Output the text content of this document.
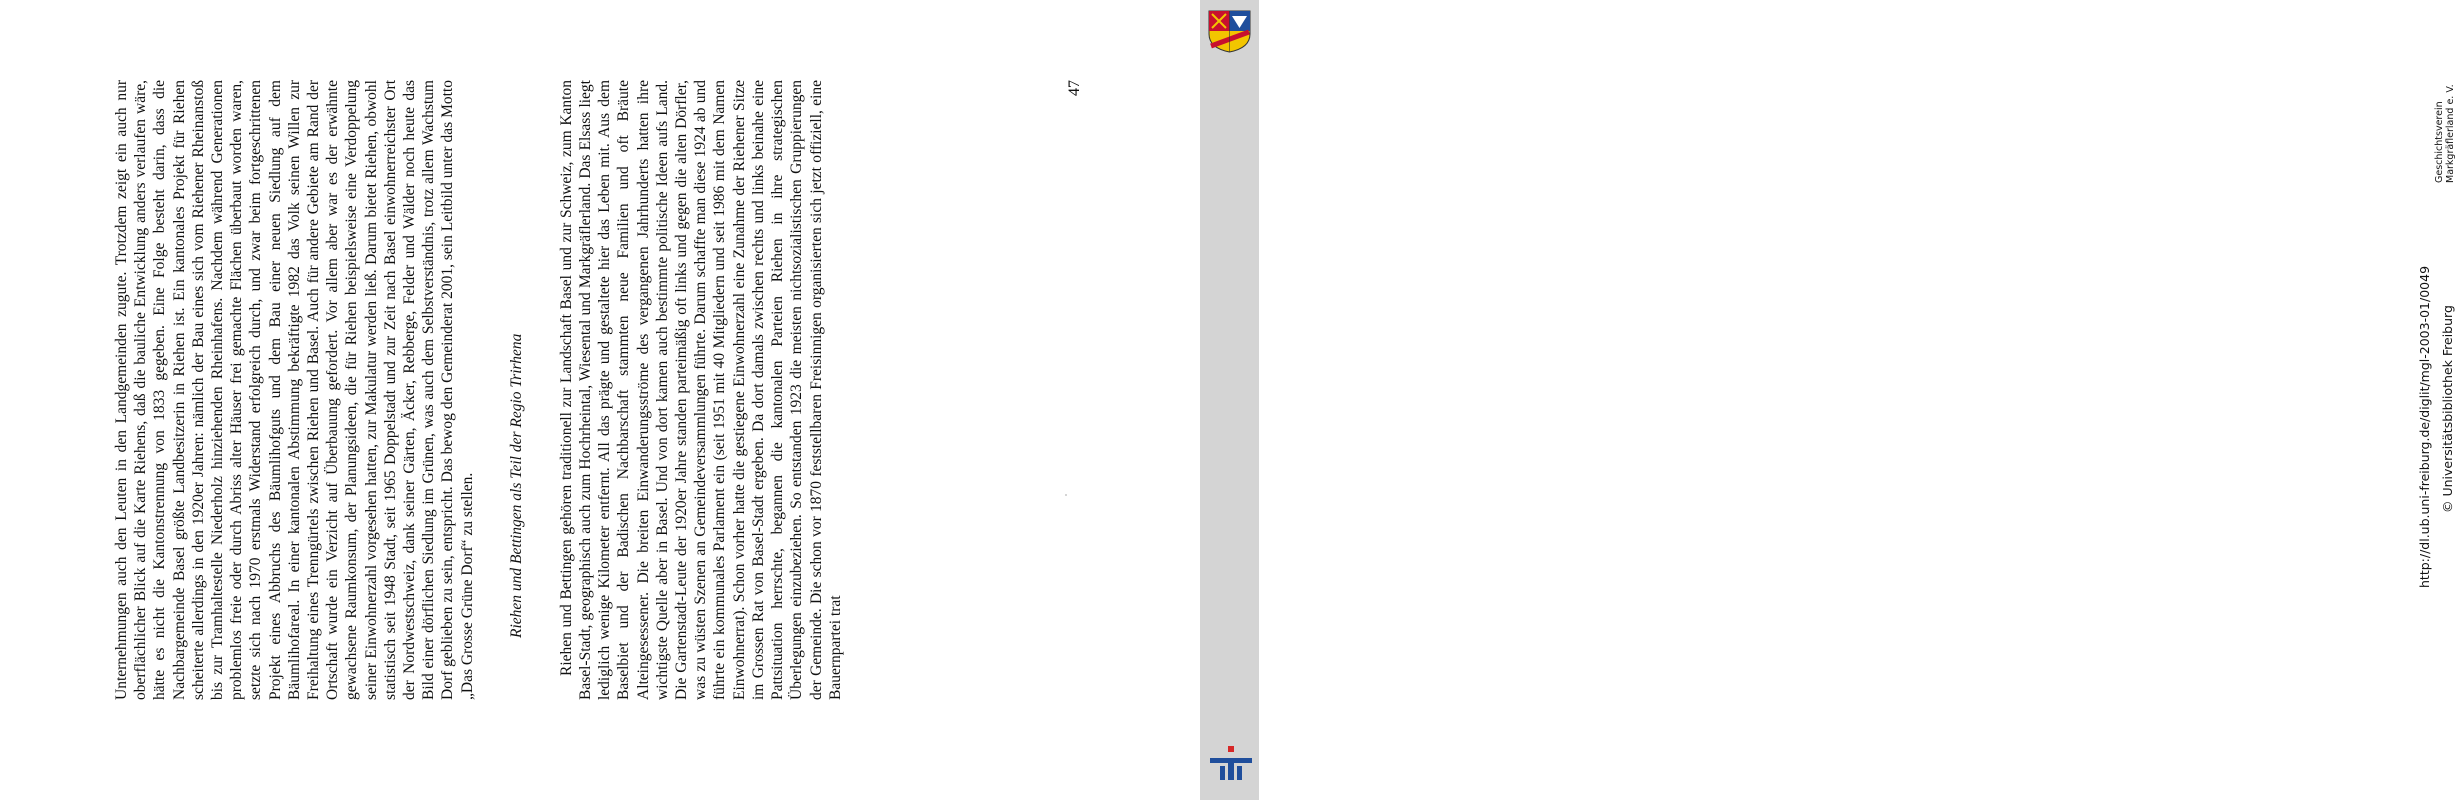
Unternehmungen auch den Leuten in den Landgemeinden zugute. Trotzdem zeigt ein auch nur oberflächlicher Blick auf die Karte Riehens, daß die bauliche Entwicklung anders verlaufen wäre, hätte es nicht die Kantonstrennung von 1833 gegeben. Eine Folge besteht darin, dass die Nachbargemeinde Basel größte Landbesitzerin in Riehen ist. Ein kantonales Projekt für Riehen scheiterte allerdings in den 1920er Jahren: nämlich der Bau eines sich vom Riehener Rheinanstoß bis zur Tramhaltestelle Niederholz hinziehenden Rheinhafens. Nachdem während Generationen problemlos freie oder durch Abriss alter Häuser frei gemachte Flächen überbaut worden waren, setzte sich nach 1970 erstmals Widerstand erfolgreich durch, und zwar beim fortgeschrittenen Projekt eines Abbruchs des Bäumlihofguts und dem Bau einer neuen Siedlung auf dem Bäumlihofareal. In einer kantonalen Abstimmung bekräftigte 1982 das Volk seinen Willen zur Freihaltung eines Trenngürtels zwischen Riehen und Basel. Auch für andere Gebiete am Rand der Ortschaft wurde ein Verzicht auf Überbauung gefordert. Vor allem aber war es der erwähnte gewachsene Raumkonsum, der Planungsideen, die für Riehen beispielsweise eine Verdoppelung seiner Einwohnerzahl vorgesehen hatten, zur Makulatur werden ließ. Darum bietet Riehen, obwohl statistisch seit 1948 Stadt, seit 1965 Doppelstadt und zur Zeit nach Basel einwohnerreichster Ort der Nordwestschweiz, dank seiner Gärten, Äcker, Rebberge, Felder und Wälder noch heute das Bild einer dörflichen Siedlung im Grünen, was auch dem Selbstverständnis, trotz allem Wachstum Dorf geblieben zu sein, entspricht. Das bewog den Gemeinderat 2001, sein Leitbild unter das Motto „Das Grosse Grüne Dorf“ zu stellen.	Riehen und Bettingen als Teil der Regio Trirhena	Riehen und Bettingen gehören traditionell zur Landschaft Basel und zur Schweiz, zum Kanton Basel-Stadt, geographisch auch zum Hochrheintal, Wiesental und Markgräflerland. Das Elsass liegt lediglich wenige Kilometer entfernt. All das prägte und gestaltete hier das Leben mit. Aus dem Baselbiet und der Badischen Nachbarschaft stammten neue Familien und oft Bräute Alteingesessener. Die breiten Einwanderungsströme des vergangenen Jahrhunderts hatten ihre wichtigste Quelle aber in Basel. Und von dort kamen auch bestimmte politische Ideen aufs Land. Die Gartenstadt-Leute der 1920er Jahre standen parteimäßig oft links und gegen die alten Dörfler, was zu wüsten Szenen an Gemeindeversammlungen führte. Darum schaffte man diese 1924 ab und führte ein kommunales Parlament ein (seit 1951 mit 40 Mitgliedern und seit 1986 mit dem Namen Einwohnerrat). Schon vorher hatte die gestiegene Einwohnerzahl eine Zunahme der Riehener Sitze im Grossen Rat von Basel-Stadt ergeben. Da dort damals zwischen rechts und links beinahe eine Pattsituation herrschte, begannen die kantonalen Parteien Riehen in ihre strategischen Überlegungen einzubeziehen. So entstanden 1923 die meisten nichtsozialistischen Gruppierungen der Gemeinde. Die schon vor 1870 feststellbaren Freisinnigen organisierten sich jetzt offiziell, eine Bauernpartei trat

47
http://dl.ub.uni-freiburg.de/diglit/mgl-2003-01/0049 © Universitätsbibliothek Freiburg
Geschichtsverein Markgräflerland e. V.
